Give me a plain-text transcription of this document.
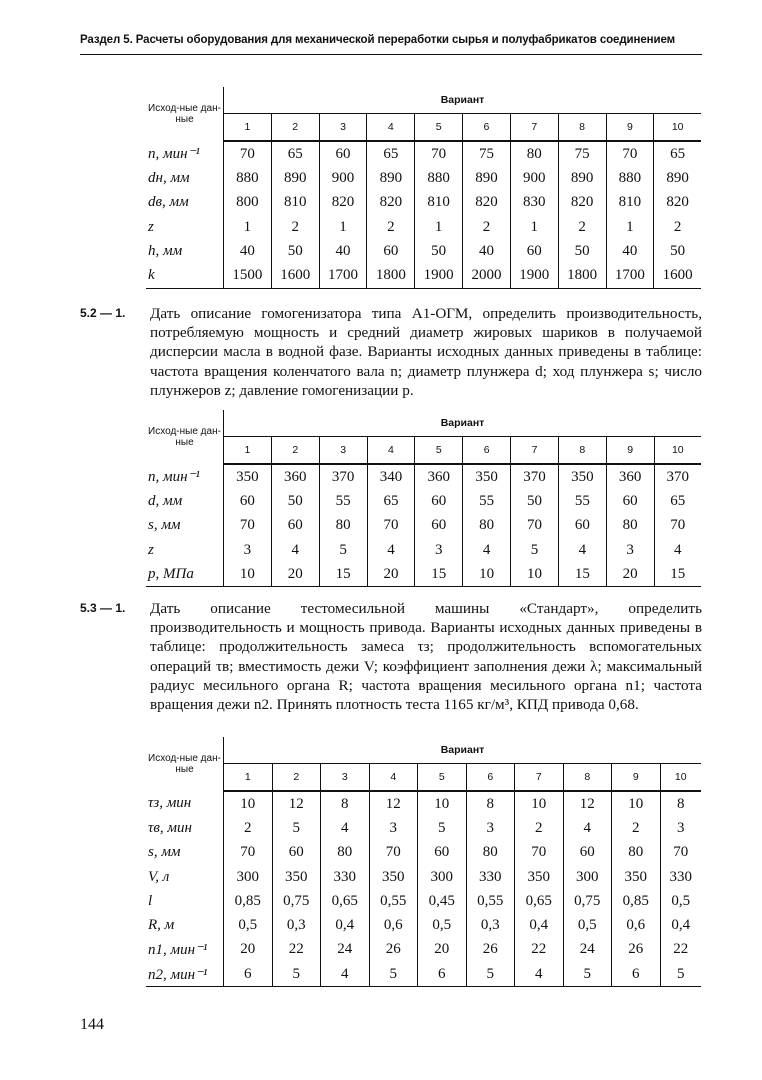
Раздел 5. Расчеты оборудования для механической переработки сырья и полуфабрикатов соединением
Исход-ные дан-ные	Вариант									
	1	2	3	4	5	6	7	8	9	10
n, мин⁻¹	70	65	60	65	70	75	80	75	70	65
dн, мм	880	890	900	890	880	890	900	890	880	890
dв, мм	800	810	820	820	810	820	830	820	810	820
z	1	2	1	2	1	2	1	2	1	2
h, мм	40	50	40	60	50	40	60	50	40	50
k	1500	1600	1700	1800	1900	2000	1900	1800	1700	1600
5.2 — 1. Дать описание гомогенизатора типа А1-ОГМ, определить производительность, потребляемую мощность и средний диаметр жировых шариков в получаемой дисперсии масла в водной фазе. Варианты исходных данных приведены в таблице: частота вращения коленчатого вала n; диаметр плунжера d; ход плунжера s; число плунжеров z; давление гомогенизации p.
Исход-ные дан-ные	Вариант									
	1	2	3	4	5	6	7	8	9	10
n, мин⁻¹	350	360	370	340	360	350	370	350	360	370
d, мм	60	50	55	65	60	55	50	55	60	65
s, мм	70	60	80	70	60	80	70	60	80	70
z	3	4	5	4	3	4	5	4	3	4
p, МПа	10	20	15	20	15	10	10	15	20	15
5.3 — 1. Дать описание тестомесильной машины «Стандарт», определить производительность и мощность привода. Варианты исходных данных приведены в таблице: продолжительность замеса τз; продолжительность вспомогательных операций τв; вместимость дежи V; коэффициент заполнения дежи λ; максимальный радиус месильного органа R; частота вращения месильного органа n1; частота вращения дежи n2. Принять плотность теста 1165 кг/м³, КПД привода 0,68.
Исход-ные дан-ные	Вариант									
	1	2	3	4	5	6	7	8	9	10
τз, мин	10	12	8	12	10	8	10	12	10	8
τв, мин	2	5	4	3	5	3	2	4	2	3
s, мм	70	60	80	70	60	80	70	60	80	70
V, л	300	350	330	350	300	330	350	300	350	330
l	0,85	0,75	0,65	0,55	0,45	0,55	0,65	0,75	0,85	0,5
R, м	0,5	0,3	0,4	0,6	0,5	0,3	0,4	0,5	0,6	0,4
n1, мин⁻¹	20	22	24	26	20	26	22	24	26	22
n2, мин⁻¹	6	5	4	5	6	5	4	5	6	5
144
